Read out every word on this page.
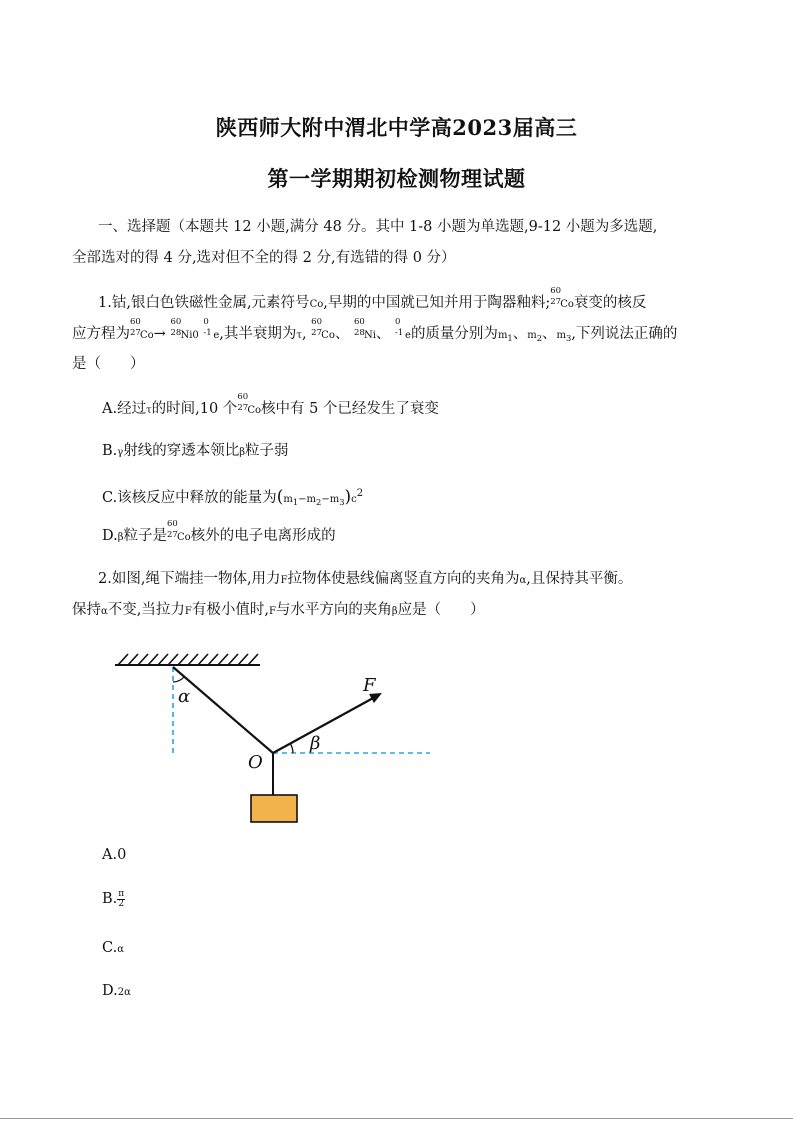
陕西师大附中渭北中学高2023届高三
第一学期期初检测物理试题
一、选择题（本题共 12 小题,满分 48 分。其中 1-8 小题为单选题,9-12 小题为多选题,
全部选对的得 4 分,选对但不全的得 2 分,有选错的得 0 分）
1.钴,银白色铁磁性金属,元素符号Co,早期的中国就已知并用于陶器釉料;
60
27 Co衰变的核反
应方程为
60
27 Co→
60
28 Ni0
0
-1 e,其半衰期为τ,
60
27 Co、
60
28 Ni、
0
-1 e的质量分别为$m_1$、$m_2$、$m_3$,下列说法正确的
是（　　）
A.经过τ的时间,10 个
60
27 Co核中有 5 个已经发生了衰变
B.γ射线的穿透本领比β粒子弱
C.该核反应中释放的能量为$(m_1-m_2-m_3)c^2$
D.β粒子是
60
27 Co核外的电子电离形成的
2.如图,绳下端挂一物体,用力F拉物体使悬线偏离竖直方向的夹角为α,且保持其平衡。
保持α不变,当拉力F有极小值时,F与水平方向的夹角β应是（　　）
α
β
O
F
A.0
B. $\frac{\pi}{2}$
C.α
D.2α
